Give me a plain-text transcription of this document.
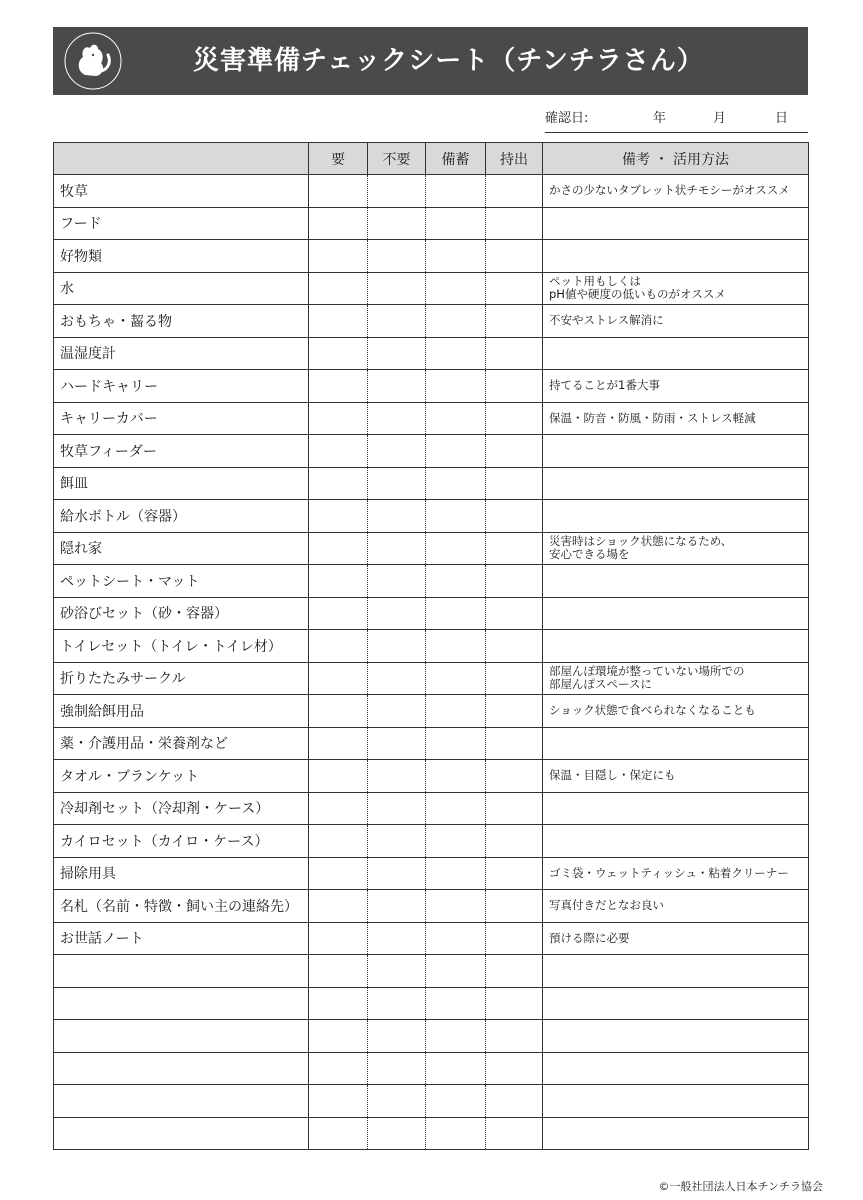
災害準備チェックシート（チンチラさん）
確認日:	年	月	日
	要	不要	備蓄	持出	備考 ・ 活用方法
牧草					かさの少ないタブレット状チモシーがオススメ
フード					
好物類					
水					ペット用もしくは
pH値や硬度の低いものがオススメ
おもちゃ・齧る物					不安やストレス解消に
温湿度計					
ハードキャリー					持てることが1番大事
キャリーカバー					保温・防音・防風・防雨・ストレス軽減
牧草フィーダー					
餌皿					
給水ボトル（容器）					
隠れ家					災害時はショック状態になるため、
安心できる場を
ペットシート・マット					
砂浴びセット（砂・容器）					
トイレセット（トイレ・トイレ材）					
折りたたみサークル					部屋んぽ環境が整っていない場所での
部屋んぽスペースに
強制給餌用品					ショック状態で食べられなくなることも
薬・介護用品・栄養剤など					
タオル・ブランケット					保温・目隠し・保定にも
冷却剤セット（冷却剤・ケース）					
カイロセット（カイロ・ケース）					
掃除用具					ゴミ袋・ウェットティッシュ・粘着クリーナー
名札（名前・特徴・飼い主の連絡先）					写真付きだとなお良い
お世話ノート					預ける際に必要

©一般社団法人日本チンチラ協会
